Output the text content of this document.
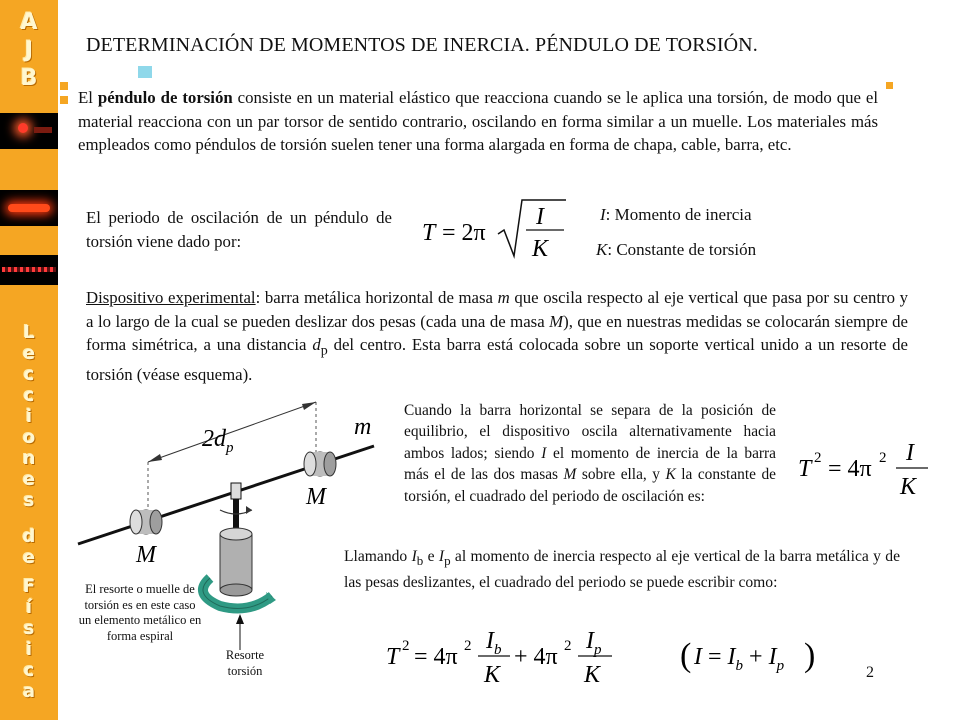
A
J
B
L
e
c
c
i
o
n
e
s
d
e
F
í
s
i
c
a
DETERMINACIÓN DE MOMENTOS DE INERCIA. PÉNDULO DE TORSIÓN.
El péndulo de torsión consiste en un material elástico que reacciona cuando se le aplica una torsión, de modo que el material reacciona con un par torsor de sentido contrario, oscilando en forma similar a un muelle. Los materiales más empleados como péndulos de torsión suelen tener una forma alargada en forma de chapa, cable, barra, etc.
El periodo de oscilación de un péndulo de torsión viene dado por:	T = 2π
I
K
I: Momento de inercia
K: Constante de torsión
Dispositivo experimental: barra metálica horizontal de masa m que oscila respecto al eje vertical que pasa por su centro y a lo largo de la cual se pueden deslizar dos pesas (cada una de masa M), que en nuestras medidas se colocarán siempre de forma simétrica, a una distancia $d_p$ del centro. Esta barra está colocada sobre un soporte vertical unido a un resorte de torsión (véase esquema).
$2d_p$
m
M
M
El resorte o muelle de torsión es en este caso un elemento metálico en forma espiral
Resorte torsión
Cuando la barra horizontal se separa de la posición de equilibrio, el dispositivo oscila alternativamente hacia ambos lados; siendo I el momento de inercia de la barra más el de las dos masas M sobre ella, y K la constante de torsión, el cuadrado del periodo de oscilación es:
T 2 = 4π 2 I
K
Llamando $I_b$ e $I_p$ al momento de inercia respecto al eje vertical de la barra metálica y de las pesas deslizantes, el cuadrado del periodo se puede escribir como:
T 2 = 4π 2 $I_b$
K
+ 4π 2 $I_p$
K
( $I = I_b + I_p$ )	2
